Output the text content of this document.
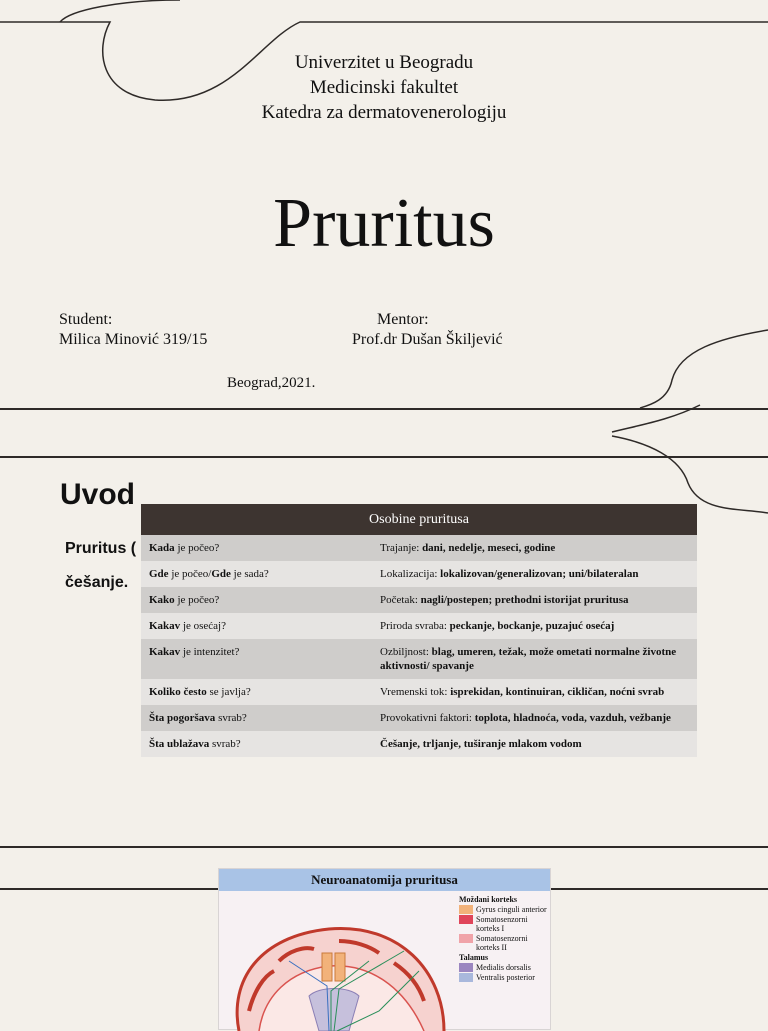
Univerzitet u Beogradu
Medicinski fakultet
Katedra za dermatovenerologiju
Pruritus
Student:
Milica Minović 319/15
Mentor:
Prof.dr Dušan Škiljević
Beograd,2021.
Uvod
Pruritus (
češanje.
Osobine pruritusa	
Kada je počeo?	Trajanje: dani, nedelje, meseci, godine
Gde je počeo/Gde je sada?	Lokalizacija: lokalizovan/generalizovan; uni/bilateralan
Kako je počeo?	Početak: nagli/postepen; prethodni istorijat pruritusa
Kakav je osećaj?	Priroda svraba: peckanje, bockanje, puzajuć osećaj
Kakav je intenzitet?	Ozbiljnost: blag, umeren, težak, može ometati normalne životne aktivnosti/ spavanje
Koliko često se javlja?	Vremenski tok: isprekidan, kontinuiran, cikličan, noćni svrab
Šta pogoršava svrab?	Provokativni faktori: toplota, hladnoća, voda, vazduh, vežbanje
Šta ublažava svrab?	Češanje, trljanje, tuširanje mlakom vodom
Neuroanatomija pruritusa
Moždani korteks
Gyrus cinguli anterior
Somatosenzorni korteks I
Somatosenzorni korteks II
Talamus
Medialis dorsalis
Ventralis posterior
